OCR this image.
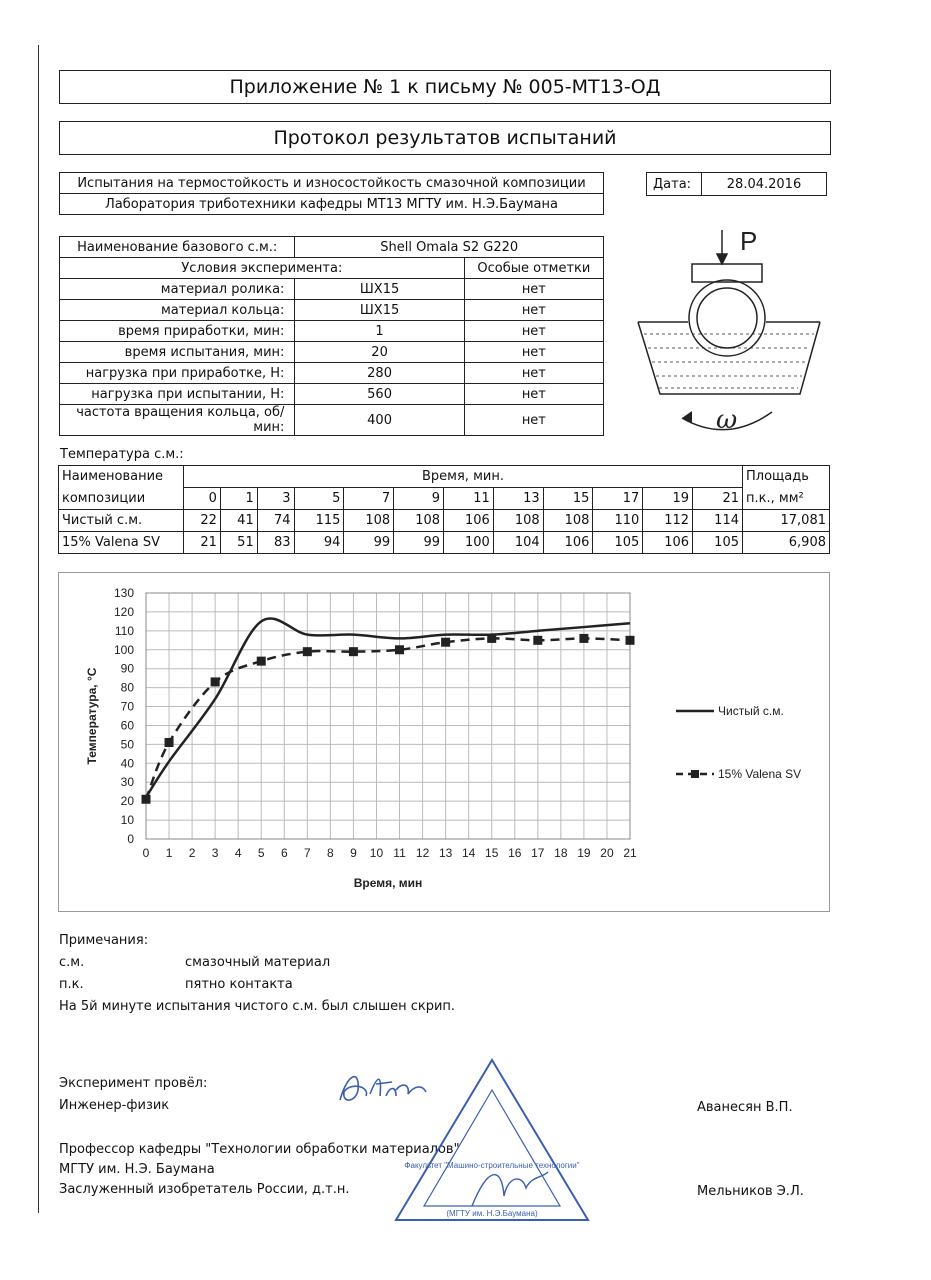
Приложение № 1 к письму № 005-МТ13-ОД
Протокол результатов испытаний
Испытания на термостойкость и износостойкость смазочной композиции
Лаборатория триботехники кафедры МТ13 МГТУ им. Н.Э.Баумана
Дата:	28.04.2016
Наименование базового с.м.:	Shell Omala S2 G220	
Условия эксперимента:		Особые отметки
материал ролика:	ШХ15	нет
материал кольца:	ШХ15	нет
время приработки, мин:	1	нет
время испытания, мин:	20	нет
нагрузка при приработке, Н:	280	нет
нагрузка при испытании, Н:	560	нет
частота вращения кольца, об/мин:	400	нет
P
ω
Температура с.м.:
Наименование	Время, мин.												Площадь
композиции	0	1	3	5	7	9	11	13	15	17	19	21	п.к., мм²
Чистый с.м.	22	41	74	115	108	108	106	108	108	110	112	114	17,081
15% Valena SV	21	51	83	94	99	99	100	104	106	105	106	105	6,908
0 1 2 3 4 5 6 7 8 9 10 11 12 13 14 15 16 17 18 19 20 21
0
10
20
30
40
50
60
70
80
90
100
110
120
130
Время, мин
Температура, °С	Чистый с.м.
15% Valena SV
Примечания:
с.м.	смазочный материал
п.к.	пятно контакта
На 5й минуте испытания чистого с.м. был слышен скрип.
Эксперимент провёл:
Инженер-физик	Аванесян В.П.
Профессор кафедры "Технологии обработки материалов"
МГТУ им. Н.Э. Баумана
Заслуженный изобретатель России, д.т.н.	Мельников Э.Л.
Факультет "Машино-строительные технологии"
(МГТУ им. Н.Э.Баумана)
